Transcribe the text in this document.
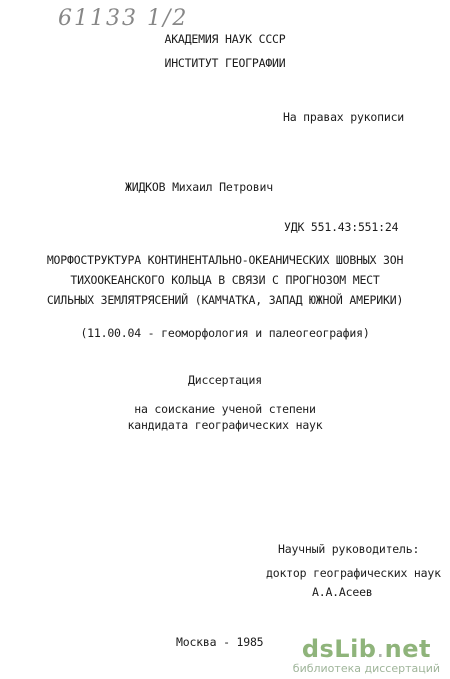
61133 1/2
АКАДЕМИЯ НАУК СССР
ИНСТИТУТ ГЕОГРАФИИ
На правах рукописи
ЖИДКОВ Михаил Петрович
УДК 551.43:551:24
МОРФОСТРУКТУРА КОНТИНЕНТАЛЬНО-ОКЕАНИЧЕСКИХ ШОВНЫХ ЗОН
ТИХООКЕАНСКОГО КОЛЬЦА В СВЯЗИ С ПРОГНОЗОМ МЕСТ
СИЛЬНЫХ ЗЕМЛЯТРЯСЕНИЙ (КАМЧАТКА, ЗАПАД ЮЖНОЙ АМЕРИКИ)
(11.00.04 - геоморфология и палеогеография)
Диссертация
на соискание ученой степени
кандидата географических наук
Научный руководитель:
доктор географических наук
А.А.Асеев
Москва - 1985	dsLib.net
библиотека диссертаций
